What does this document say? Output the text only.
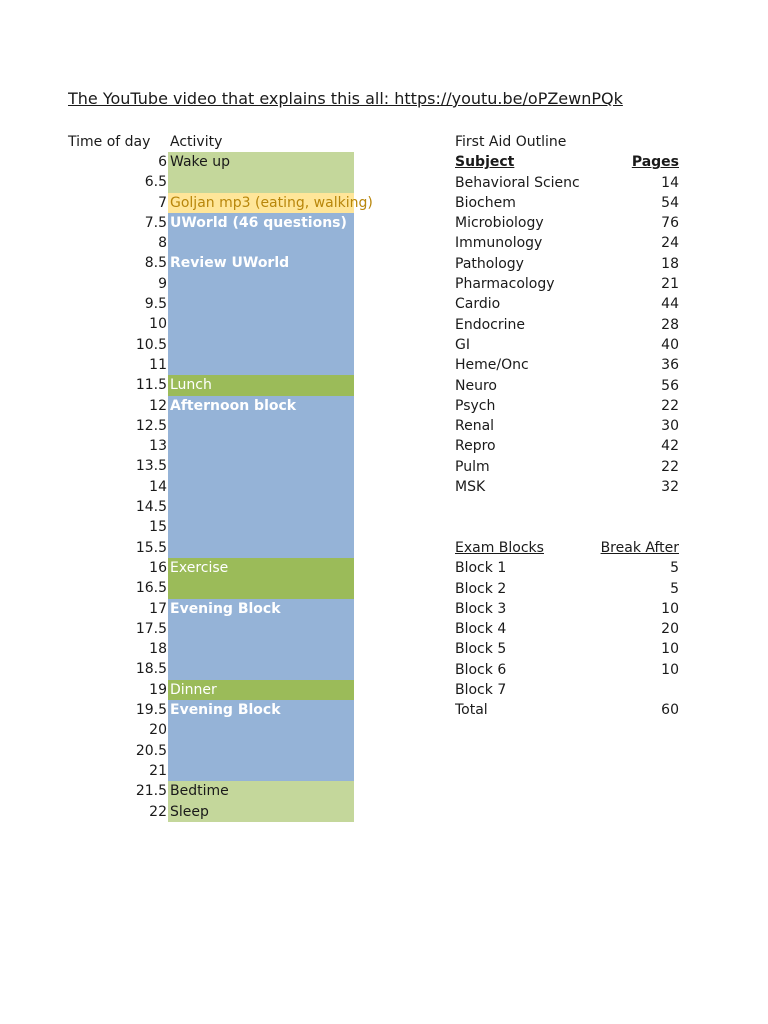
The YouTube video that explains this all: https://youtu.be/oPZewnPQk
Time of day Activity
6 Wake up
6.5
7 Goljan mp3 (eating, walking)
7.5 UWorld (46 questions)
8
8.5 Review UWorld
9
9.5
10
10.5
11
11.5 Lunch
12 Afternoon block
12.5
13
13.5
14
14.5
15
15.5
16 Exercise
16.5
17 Evening Block
17.5
18
18.5
19 Dinner
19.5 Evening Block
20
20.5
21
21.5 Bedtime
22 Sleep
First Aid Outline
Subject	Pages
Behavioral Scienc	14
Biochem	54
Microbiology	76
Immunology	24
Pathology	18
Pharmacology	21
Cardio	44
Endocrine	28
GI	40
Heme/Onc	36
Neuro	56
Psych	22
Renal	30
Repro	42
Pulm	22
MSK	32
Exam Blocks	Break After
Block 1	5
Block 2	5
Block 3	10
Block 4	20
Block 5	10
Block 6	10
Block 7
Total	60
